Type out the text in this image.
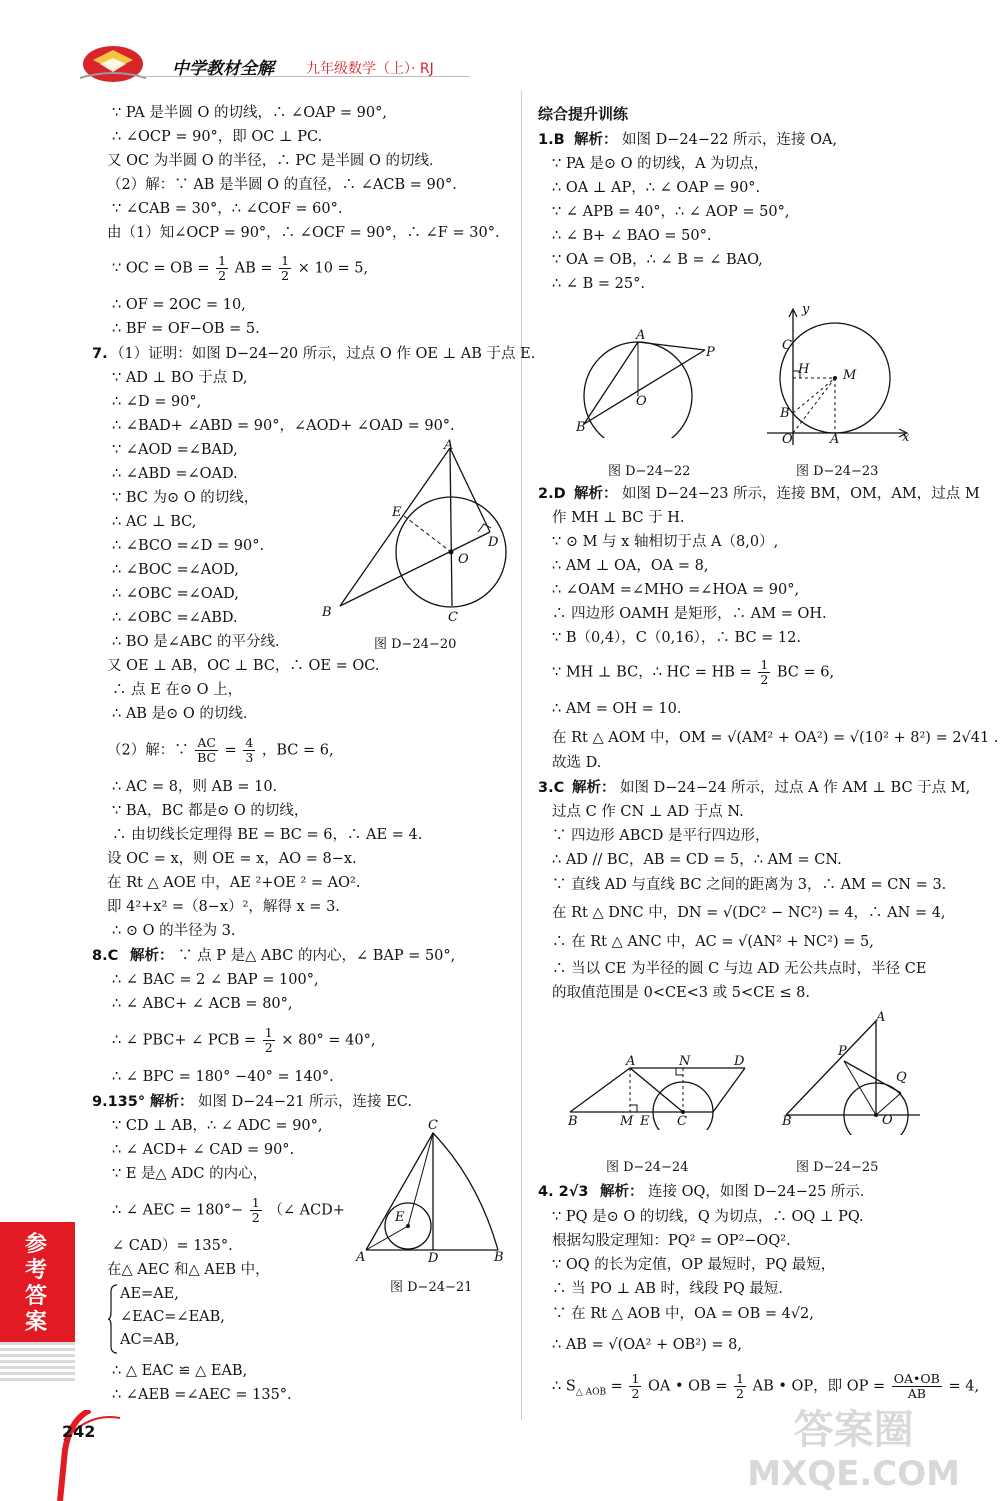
中学教材全解 九年级数学（上）· RJ
∵ PA 是半圆 O 的切线，∴ ∠OAP = 90°,
∴ ∠OCP = 90°，即 OC ⊥ PC.
又 OC 为半圆 O 的半径，∴ PC 是半圆 O 的切线．
（2）解：∵ AB 是半圆 O 的直径，∴ ∠ACB = 90°.
∵ ∠CAB = 30°，∴ ∠COF = 60°.
由（1）知∠OCP = 90°，∴ ∠OCF = 90°，∴ ∠F = 30°.
∵ OC = OB = $\frac{1}{2}$ AB = $\frac{1}{2} \times 10 = 5$,
∴ OF = 2OC = 10,
∴ BF = OF−OB = 5.
7. （1）证明：如图 D−24−20 所示，过点 O 作 OE ⊥ AB 于点 E.
∵ AD ⊥ BO 于点 D,
∴ ∠D = 90°,
∴ ∠BAD+ ∠ABD = 90°，∠AOD+ ∠OAD = 90°.
∵ ∠AOD =∠BAD,
∴ ∠ABD =∠OAD.
∵ BC 为⊙ O 的切线，
∴ AC ⊥ BC,
∴ ∠BCO =∠D = 90°.
∴ ∠BOC =∠AOD,
∴ ∠OBC =∠OAD,
∴ ∠OBC =∠ABD.
∴ BO 是∠ABC 的平分线．
又 OE ⊥ AB，OC ⊥ BC，∴ OE = OC.
∴ 点 E 在⊙ O 上，
∴ AB 是⊙ O 的切线．
（2）解：∵ $\frac{AC}{BC} = \frac{4}{3}$ ，BC = 6,
∴ AC = 8，则 AB = 10.
∵ BA，BC 都是⊙ O 的切线，
∴ 由切线长定理得 BE = BC = 6，∴ AE = 4.
设 OC = x，则 OE = x，AO = 8−x.
在 Rt △ AOE 中，AE ²+OE ² = AO².
即 4²+x² =（8−x）²，解得 x = 3.
∴ ⊙ O 的半径为 3.
8.C 解析： ∵ 点 P 是△ ABC 的内心，∠ BAP = 50°,
∴ ∠ BAC = 2 ∠ BAP = 100°,
∴ ∠ ABC+ ∠ ACB = 80°,
∴ ∠ PBC+ ∠ PCB = $\frac{1}{2} \times 80^\circ = 40^\circ$,
∴ ∠ BPC = 180° −40° = 140°.
9.135° 解析： 如图 D−24−21 所示，连接 EC.
∵ CD ⊥ AB，∴ ∠ ADC = 90°,
∴ ∠ ACD+ ∠ CAD = 90°.
∵ E 是△ ADC 的内心，
∴ ∠ AEC = $180^\circ- \frac{1}{2}$ （∠ ACD+
∠ CAD）= 135°.
在△ AEC 和△ AEB 中，
AE=AE,
∠EAC=∠EAB,
AC=AB,
∴ △ EAC ≌ △ EAB,
∴ ∠AEB =∠AEC = 135°.
A
E
D
O
B	C
图 D−24−20
C
E
A	D	B
图 D−24−21
综合提升训练
1.B 解析： 如图 D−24−22 所示，连接 OA,
∵ PA 是⊙ O 的切线，A 为切点，
∴ OA ⊥ AP，∴ ∠ OAP = 90°.
∵ ∠ APB = 40°，∴ ∠ AOP = 50°,
∴ ∠ B+ ∠ BAO = 50°.
∵ OA = OB，∴ ∠ B = ∠ BAO,
∴ ∠ B = 25°.
A
P
O
B
图 D−24−22
y
C
H	M
B
O	A	x
图 D−24−23
2.D 解析： 如图 D−24−23 所示，连接 BM，OM，AM，过点 M
作 MH ⊥ BC 于 H.
∵ ⊙ M 与 x 轴相切于点 A（8,0）,
∴ AM ⊥ OA，OA = 8,
∴ ∠OAM =∠MHO =∠HOA = 90°,
∴ 四边形 OAMH 是矩形，∴ AM = OH.
∵ B（0,4），C（0,16），∴ BC = 12.
∵ MH ⊥ BC，∴ HC = HB = $\frac{1}{2}$ BC = 6,
∴ AM = OH = 10.
在 Rt △ AOM 中，OM = √(AM² + OA²) = √(10² + 8²) = 2√41 .
故选 D.
3.C 解析： 如图 D−24−24 所示，过点 A 作 AM ⊥ BC 于点 M,
过点 C 作 CN ⊥ AD 于点 N.
∵ 四边形 ABCD 是平行四边形，
∴ AD // BC，AB = CD = 5，∴ AM = CN.
∵ 直线 AD 与直线 BC 之间的距离为 3，∴ AM = CN = 3.
在 Rt △ DNC 中，DN = √(DC² − NC²) = 4，∴ AN = 4,
∴ 在 Rt △ ANC 中，AC = √(AN² + NC²) = 5,
∴ 当以 CE 为半径的圆 C 与边 AD 无公共点时，半径 CE
的取值范围是 0<CE<3 或 5<CE ≤ 8.
A	N	D
B	M E C
图 D−24−24
A
P
Q
B	O
图 D−24−25
4. 2√3 解析： 连接 OQ，如图 D−24−25 所示．
∵ PQ 是⊙ O 的切线，Q 为切点，∴ OQ ⊥ PQ.
根据勾股定理知：PQ² = OP²−OQ².
∵ OQ 的长为定值，OP 最短时，PQ 最短，
∴ 当 PO ⊥ AB 时，线段 PQ 最短．
∵ 在 Rt △ AOB 中，OA = OB = 4√2,
∴ AB = √(OA² + OB²) = 8,
∴ $S_{\triangle AOB} = \frac{1}{2}$ OA • OB = $\frac{1}{2}$ AB • OP，即 OP = $\frac{OA•OB}{AB} = 4$,
参考答案
242	答案圈
MXQE.COM
